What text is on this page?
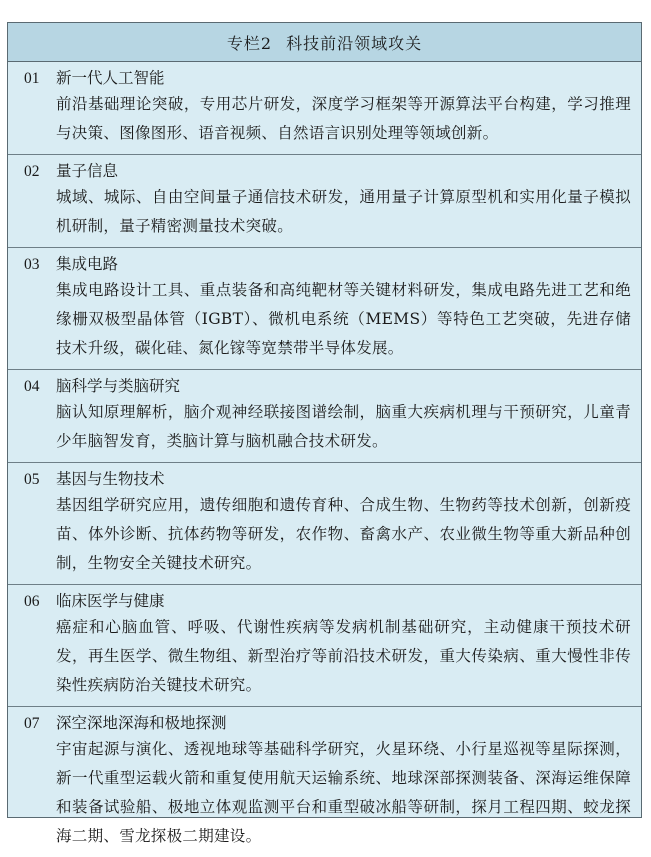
专栏2 科技前沿领域攻关
01 新一代人工智能
前沿基础理论突破，专用芯片研发，深度学习框架等开源算法平台构建，学习推理与决策、图像图形、语音视频、自然语言识别处理等领域创新。
02 量子信息
城域、城际、自由空间量子通信技术研发，通用量子计算原型机和实用化量子模拟机研制，量子精密测量技术突破。
03 集成电路
集成电路设计工具、重点装备和高纯靶材等关键材料研发，集成电路先进工艺和绝缘栅双极型晶体管（IGBT）、微机电系统（MEMS）等特色工艺突破，先进存储技术升级，碳化硅、氮化镓等宽禁带半导体发展。
04 脑科学与类脑研究
脑认知原理解析，脑介观神经联接图谱绘制，脑重大疾病机理与干预研究，儿童青少年脑智发育，类脑计算与脑机融合技术研发。
05 基因与生物技术
基因组学研究应用，遗传细胞和遗传育种、合成生物、生物药等技术创新，创新疫苗、体外诊断、抗体药物等研发，农作物、畜禽水产、农业微生物等重大新品种创制，生物安全关键技术研究。
06 临床医学与健康
癌症和心脑血管、呼吸、代谢性疾病等发病机制基础研究，主动健康干预技术研发，再生医学、微生物组、新型治疗等前沿技术研发，重大传染病、重大慢性非传染性疾病防治关键技术研究。
07 深空深地深海和极地探测
宇宙起源与演化、透视地球等基础科学研究，火星环绕、小行星巡视等星际探测，新一代重型运载火箭和重复使用航天运输系统、地球深部探测装备、深海运维保障和装备试验船、极地立体观监测平台和重型破冰船等研制，探月工程四期、蛟龙探海二期、雪龙探极二期建设。
